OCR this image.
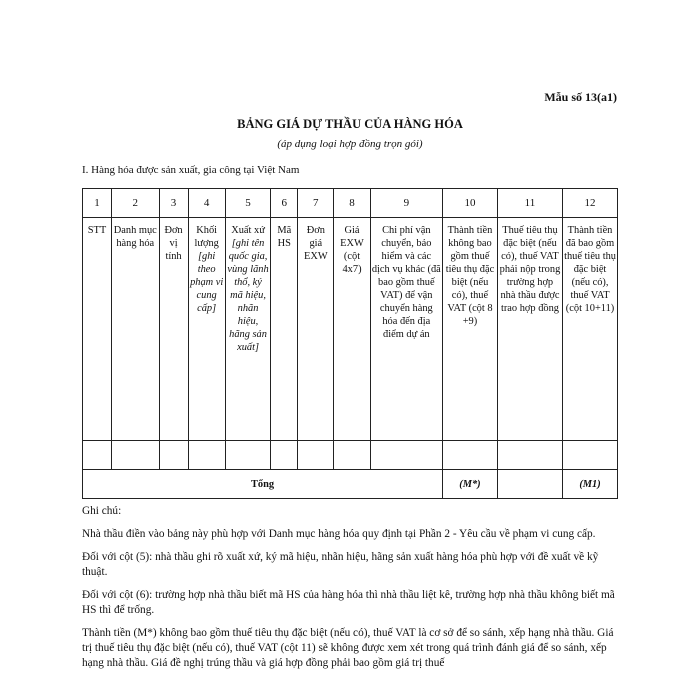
Mẫu số 13(a1)
BẢNG GIÁ DỰ THẦU CỦA HÀNG HÓA
(áp dụng loại hợp đồng trọn gói)
I. Hàng hóa được sản xuất, gia công tại Việt Nam
1	2	3	4	5	6	7	8	9	10	11	12
STT	Danh mục hàng hóa	Đơn vị tính	Khối lượng [ghi theo phạm vi cung cấp]	Xuất xứ [ghi tên quốc gia, vùng lãnh thổ, ký mã hiệu, nhãn hiệu, hãng sản xuất]	Mã HS	Đơn giá EXW	Giá EXW (cột 4x7)	Chi phí vận chuyển, bảo hiểm và các dịch vụ khác (đã bao gồm thuế VAT) để vận chuyển hàng hóa đến địa điểm dự án	Thành tiền không bao gồm thuế tiêu thụ đặc biệt (nếu có), thuế VAT (cột 8 +9)	Thuế tiêu thụ đặc biệt (nếu có), thuế VAT phải nộp trong trường hợp nhà thầu được trao hợp đồng	Thành tiền đã bao gồm thuế tiêu thụ đặc biệt (nếu có), thuế VAT (cột 10+11)

Tổng									(M*)		(M1)

Ghi chú:

Nhà thầu điền vào bảng này phù hợp với Danh mục hàng hóa quy định tại Phần 2 - Yêu cầu về phạm vi cung cấp.

Đối với cột (5): nhà thầu ghi rõ xuất xứ, ký mã hiệu, nhãn hiệu, hãng sản xuất hàng hóa phù hợp với đề xuất về kỹ thuật.

Đối với cột (6): trường hợp nhà thầu biết mã HS của hàng hóa thì nhà thầu liệt kê, trường hợp nhà thầu không biết mã HS thì để trống.

Thành tiền (M*) không bao gồm thuế tiêu thụ đặc biệt (nếu có), thuế VAT là cơ sở để so sánh, xếp hạng nhà thầu. Giá trị thuế tiêu thụ đặc biệt (nếu có), thuế VAT (cột 11) sẽ không được xem xét trong quá trình đánh giá để so sánh, xếp hạng nhà thầu. Giá đề nghị trúng thầu và giá hợp đồng phải bao gồm giá trị thuế
